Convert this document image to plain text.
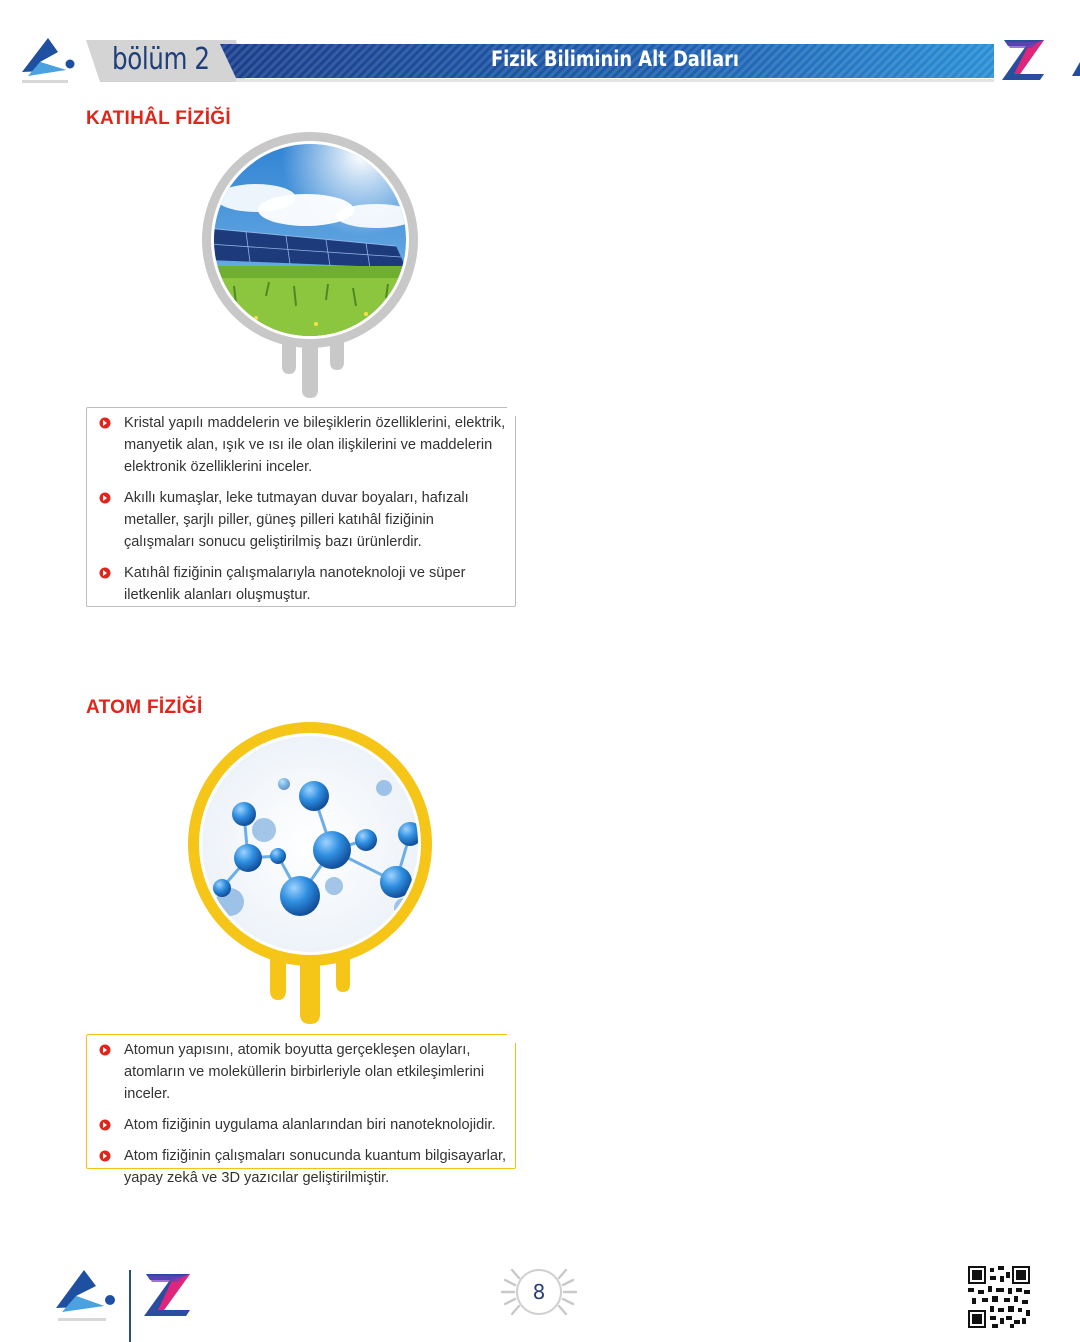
bölüm 2	Fizik Biliminin Alt Dalları
KATIHÂL FİZİĞİ
Kristal yapılı maddelerin ve bileşiklerin özelliklerini, elektrik, manyetik alan, ışık ve ısı ile olan ilişkilerini ve maddelerin elektronik özelliklerini inceler.
Akıllı kumaşlar, leke tutmayan duvar boyaları, hafızalı metaller, şarjlı piller, güneş pilleri katıhâl fiziğinin çalışmaları sonucu geliştirilmiş bazı ürünlerdir.
Katıhâl fiziğinin çalışmalarıyla nanoteknoloji ve süper iletkenlik alanları oluşmuştur.
ATOM FİZİĞİ
Atomun yapısını, atomik boyutta gerçekleşen olayları, atomların ve moleküllerin birbirleriyle olan etkileşimlerini inceler.
Atom fiziğinin uygulama alanlarından biri nanoteknolojidir.
Atom fiziğinin çalışmaları sonucunda kuantum bilgisayarlar, yapay zekâ ve 3D yazıcılar geliştirilmiştir.
8
